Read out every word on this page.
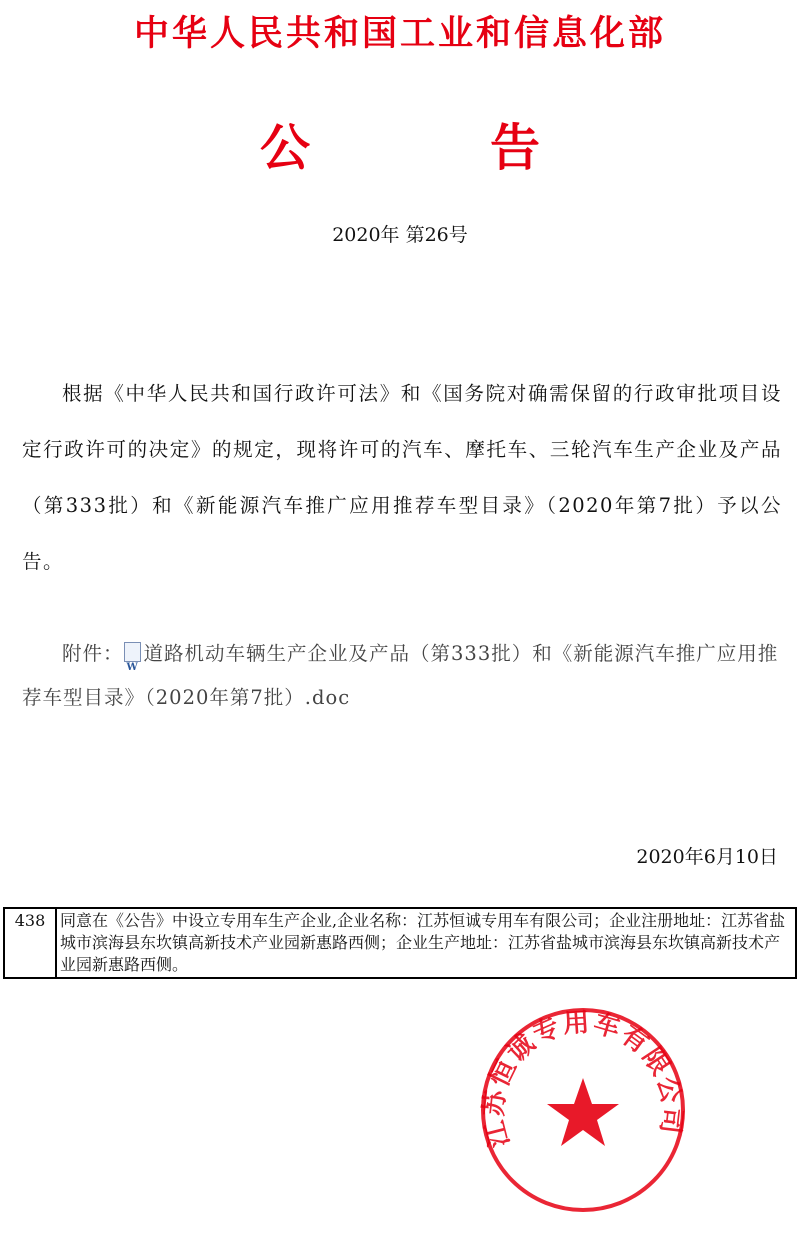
中华人民共和国工业和信息化部
公	告
2020年 第26号
根据《中华人民共和国行政许可法》和《国务院对确需保留的行政审批项目设定行政许可的决定》的规定，现将许可的汽车、摩托车、三轮汽车生产企业及产品（第333批）和《新能源汽车推广应用推荐车型目录》（2020年第7批）予以公告。
附件： W 道路机动车辆生产企业及产品（第333批）和《新能源汽车推广应用推荐车型目录》（2020年第7批）.doc
2020年6月10日
438	同意在《公告》中设立专用车生产企业,企业名称：江苏恒诚专用车有限公司；企业注册地址：江苏省盐城市滨海县东坎镇高新技术产业园新惠路西侧；企业生产地址：江苏省盐城市滨海县东坎镇高新技术产业园新惠路西侧。
江苏恒诚专用车有限公司
